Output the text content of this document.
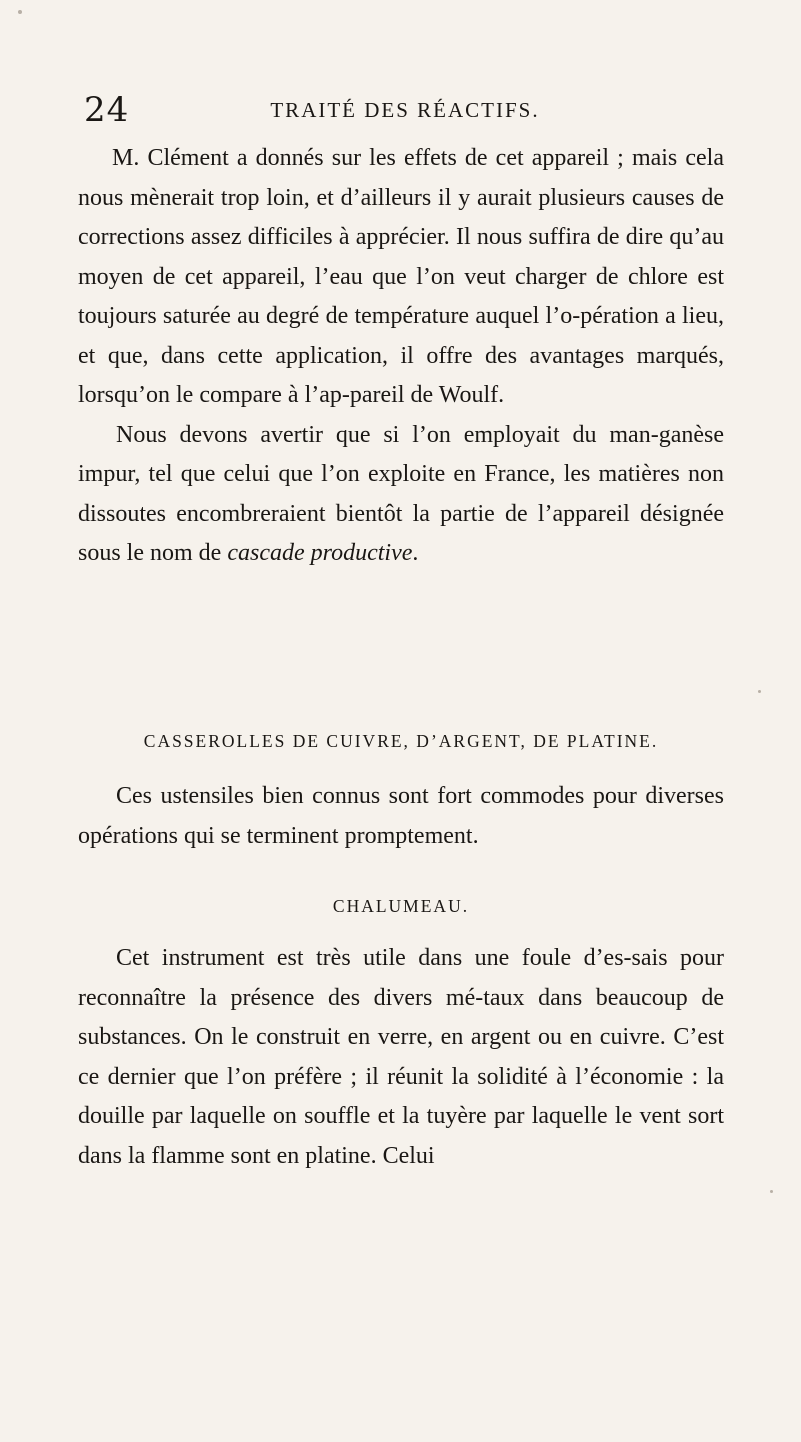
24	TRAITÉ DES RÉACTIFS.

M. Clément a donnés sur les effets de cet appareil ; mais cela nous mènerait trop loin, et d’ailleurs il y aurait plusieurs causes de corrections assez difficiles à apprécier. Il nous suffira de dire qu’au moyen de cet appareil, l’eau que l’on veut charger de chlore est toujours saturée au degré de température auquel l’o-pération a lieu, et que, dans cette application, il offre des avantages marqués, lorsqu’on le compare à l’ap-pareil de Woulf.

Nous devons avertir que si l’on employait du man-ganèse impur, tel que celui que l’on exploite en France, les matières non dissoutes encombreraient bientôt la partie de l’appareil désignée sous le nom de cascade productive.

CASSEROLLES DE CUIVRE, D’ARGENT, DE PLATINE.

Ces ustensiles bien connus sont fort commodes pour diverses opérations qui se terminent promptement.

CHALUMEAU.

Cet instrument est très utile dans une foule d’es-sais pour reconnaître la présence des divers mé-taux dans beaucoup de substances. On le construit en verre, en argent ou en cuivre. C’est ce dernier que l’on préfère ; il réunit la solidité à l’économie : la douille par laquelle on souffle et la tuyère par laquelle le vent sort dans la flamme sont en platine. Celui
